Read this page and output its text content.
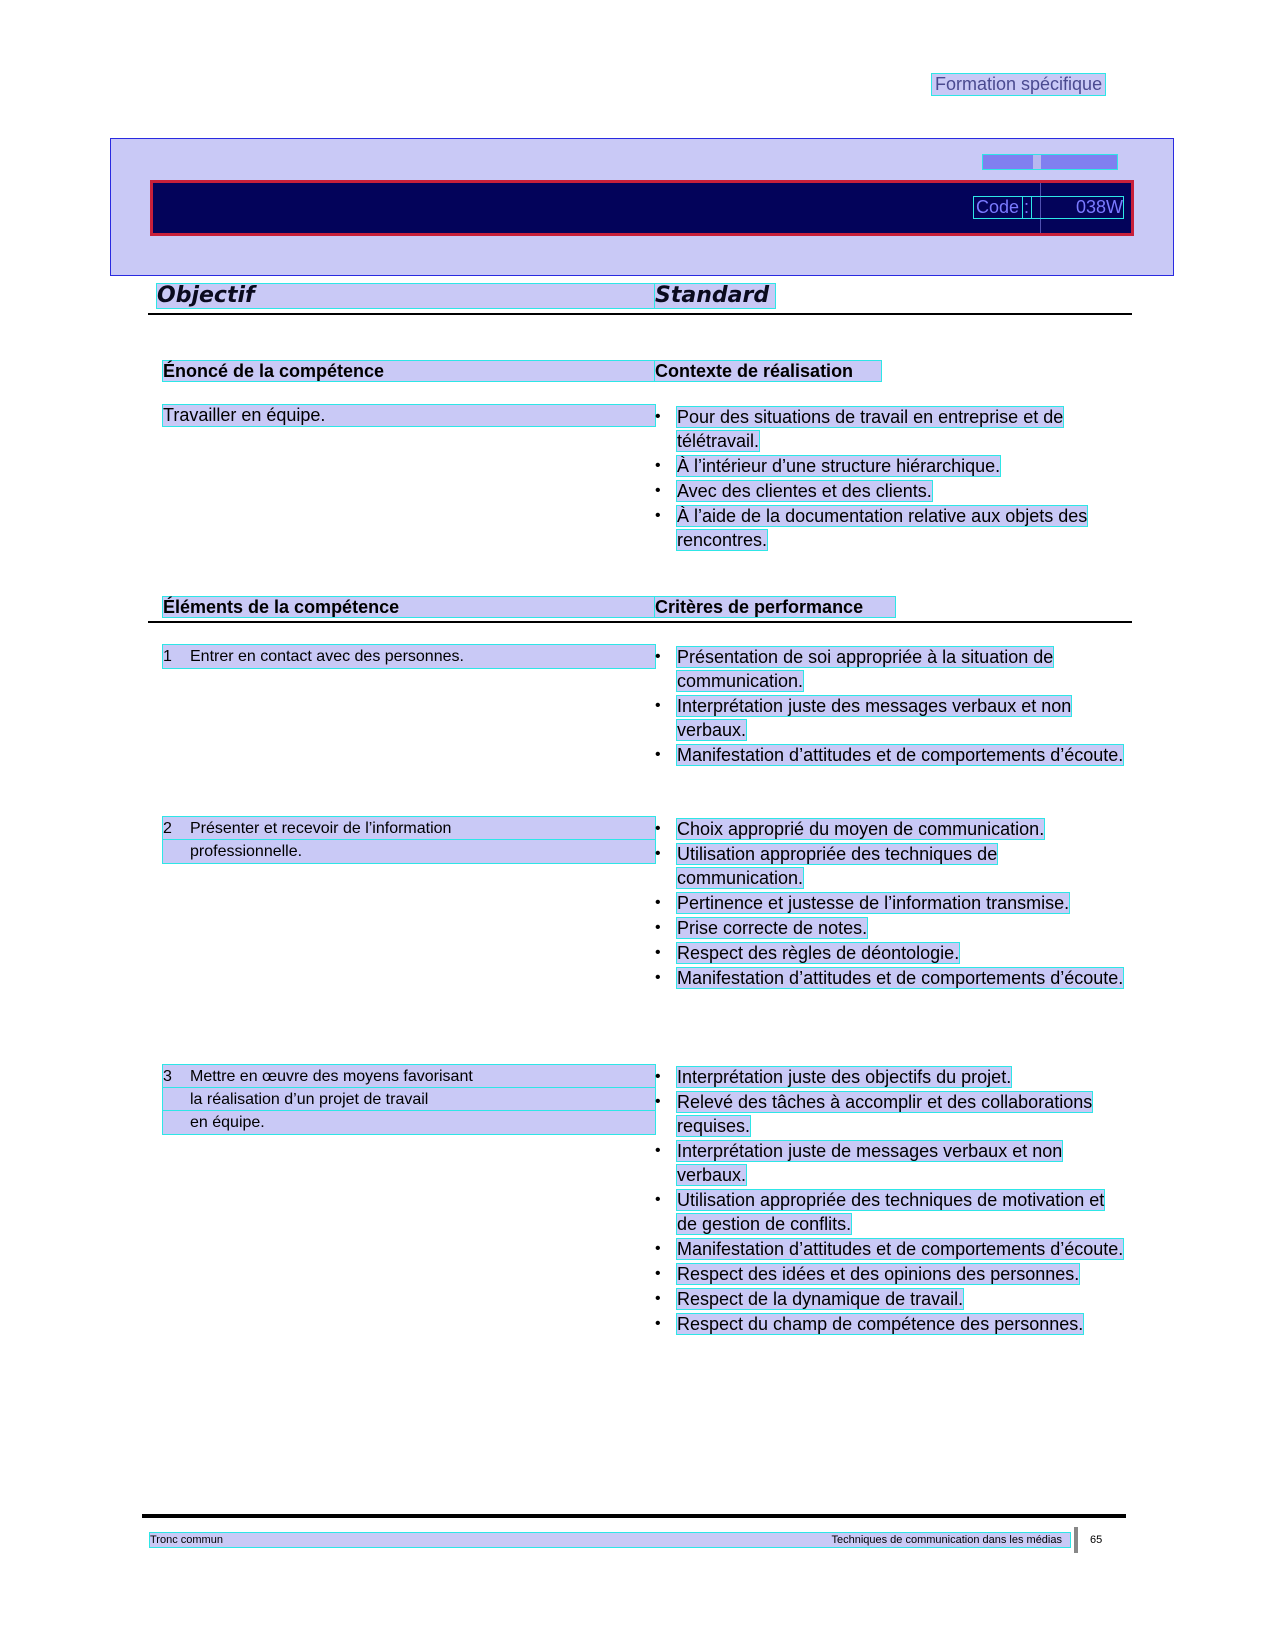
Formation spécifique
Code :	038W
Objectif	Standard
Énoncé de la compétence	Contexte de réalisation
Travailler en équipe.	• Pour des situations de travail en entreprise et de télétravail.
• À l’intérieur d’une structure hiérarchique.
• Avec des clientes et des clients.
• À l’aide de la documentation relative aux objets des rencontres.
Éléments de la compétence	Critères de performance
1	Entrer en contact avec des personnes.	• Présentation de soi appropriée à la situation de communication.
• Interprétation juste des messages verbaux et non verbaux.
• Manifestation d’attitudes et de comportements d’écoute.
2	Présenter et recevoir de l’information
professionnelle.
• Choix approprié du moyen de communication.
• Utilisation appropriée des techniques de communication.
• Pertinence et justesse de l’information transmise.
• Prise correcte de notes.
• Respect des règles de déontologie.
• Manifestation d’attitudes et de comportements d’écoute.
3	Mettre en œuvre des moyens favorisant
la réalisation d’un projet de travail
en équipe.
• Interprétation juste des objectifs du projet.
• Relevé des tâches à accomplir et des collaborations requises.
• Interprétation juste de messages verbaux et non verbaux.
• Utilisation appropriée des techniques de motivation et de gestion de conflits.
• Manifestation d’attitudes et de comportements d’écoute.
• Respect des idées et des opinions des personnes.
• Respect de la dynamique de travail.
• Respect du champ de compétence des personnes.
Tronc commun	Techniques de communication dans les médias	65
